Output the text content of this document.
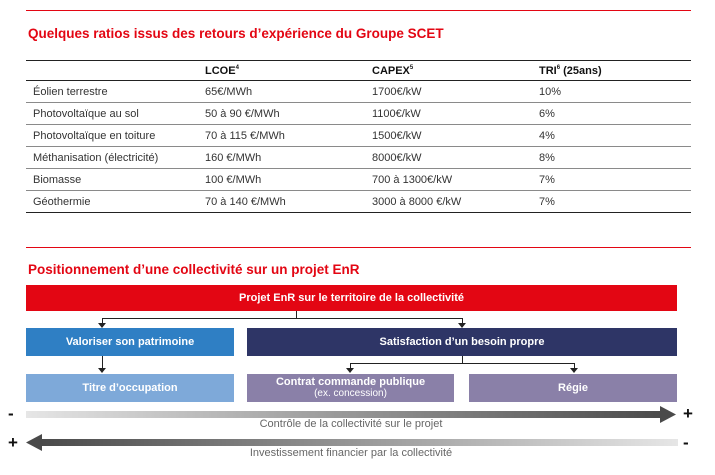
Quelques ratios issus des retours d’expérience du Groupe SCET
	LCOE$^4$	CAPEX$^5$	TRI$^6$ (25ans)
Éolien terrestre	65€/MWh	1700€/kW	10%
Photovoltaïque au sol	50 à 90 €/MWh	1100€/kW	6%
Photovoltaïque en toiture	70 à 115 €/MWh	1500€/kW	4%
Méthanisation (électricité)	160 €/MWh	8000€/kW	8%
Biomasse	100 €/MWh	700 à 1300€/kW	7%
Géothermie	70 à 140 €/MWh	3000 à 8000 €/kW	7%
Positionnement d’une collectivité sur un projet EnR
Projet EnR sur le territoire de la collectivité
Valoriser son patrimoine	Satisfaction d’un besoin propre
Titre d’occupation	Contrat commande publique
(ex. concession)	Régie
-	+
Contrôle de la collectivité sur le projet
+	-
Investissement financier par la collectivité
